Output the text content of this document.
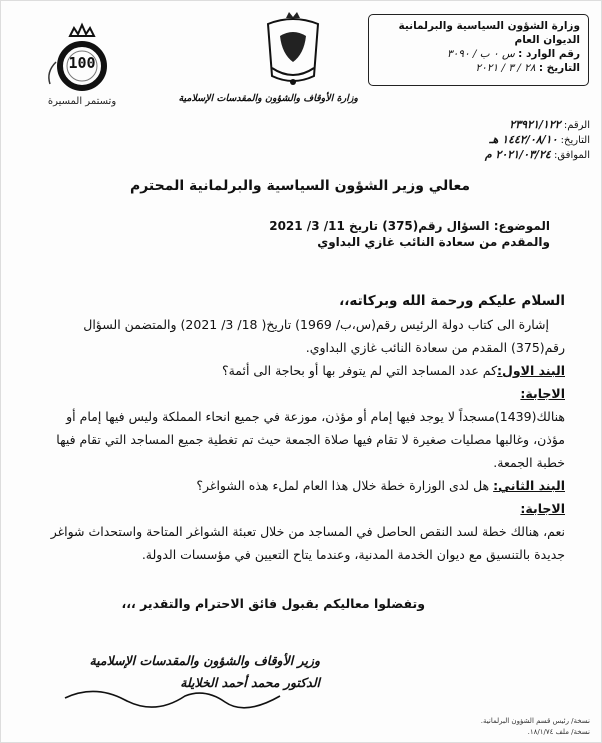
100
وتستمر المسيرة	وزارة الأوقاف والشؤون والمقدسات الإسلامية
وزارة الشؤون السياسية والبرلمانية
الديوان العام
رقم الوارد : س ٠ ب / ٣٠٩٠
التاريخ : ٢٨ / ٣ / ٢٠٢١
الرقم: ٢٣٩٢١/١٢٢
التاريخ: ١٤٤٢/٠٨/١٠ هـ
الموافق: ٢٠٢١/٠٣/٢٤ م
معالي وزير الشؤون السياسية والبرلمانية المحترم
الموضوع: السؤال رقم(375) تاريخ 11/ 3/ 2021
والمقدم من سعادة النائب غازي البداوي
السلام عليكم ورحمة الله وبركاته،،
إشارة الى كتاب دولة الرئيس رقم(س،ب/ 1969) تاريخ( 18/ 3/ 2021) والمتضمن السؤال رقم(375) المقدم من سعادة النائب غازي البداوي.
البند الاول:كم عدد المساجد التي لم يتوفر بها أو بحاجة الى أئمة؟
الاجابة:
هنالك(1439)مسجداً لا يوجد فيها إمام أو مؤذن، موزعة في جميع انحاء المملكة وليس فيها إمام أو مؤذن، وغالبها مصليات صغيرة لا تقام فيها صلاة الجمعة حيث تم تغطية جميع المساجد التي تقام فيها خطبة الجمعة.
البند الثاني: هل لدى الوزارة خطة خلال هذا العام لملء هذه الشواغر؟
الاجابة:
نعم، هنالك خطة لسد النقص الحاصل في المساجد من خلال تعبئة الشواغر المتاحة واستحداث شواغر جديدة بالتنسيق مع ديوان الخدمة المدنية، وعندما يتاح التعيين في مؤسسات الدولة.
وتفضلوا معاليكم بقبول فائق الاحترام والتقدير ،،،
وزير الأوقاف والشؤون والمقدسات الإسلامية
الدكتور محمد أحمد الخلايلة
نسخة/ رئيس قسم الشؤون البرلمانية.
نسخة/ ملف ١٨/١/٧٤.
